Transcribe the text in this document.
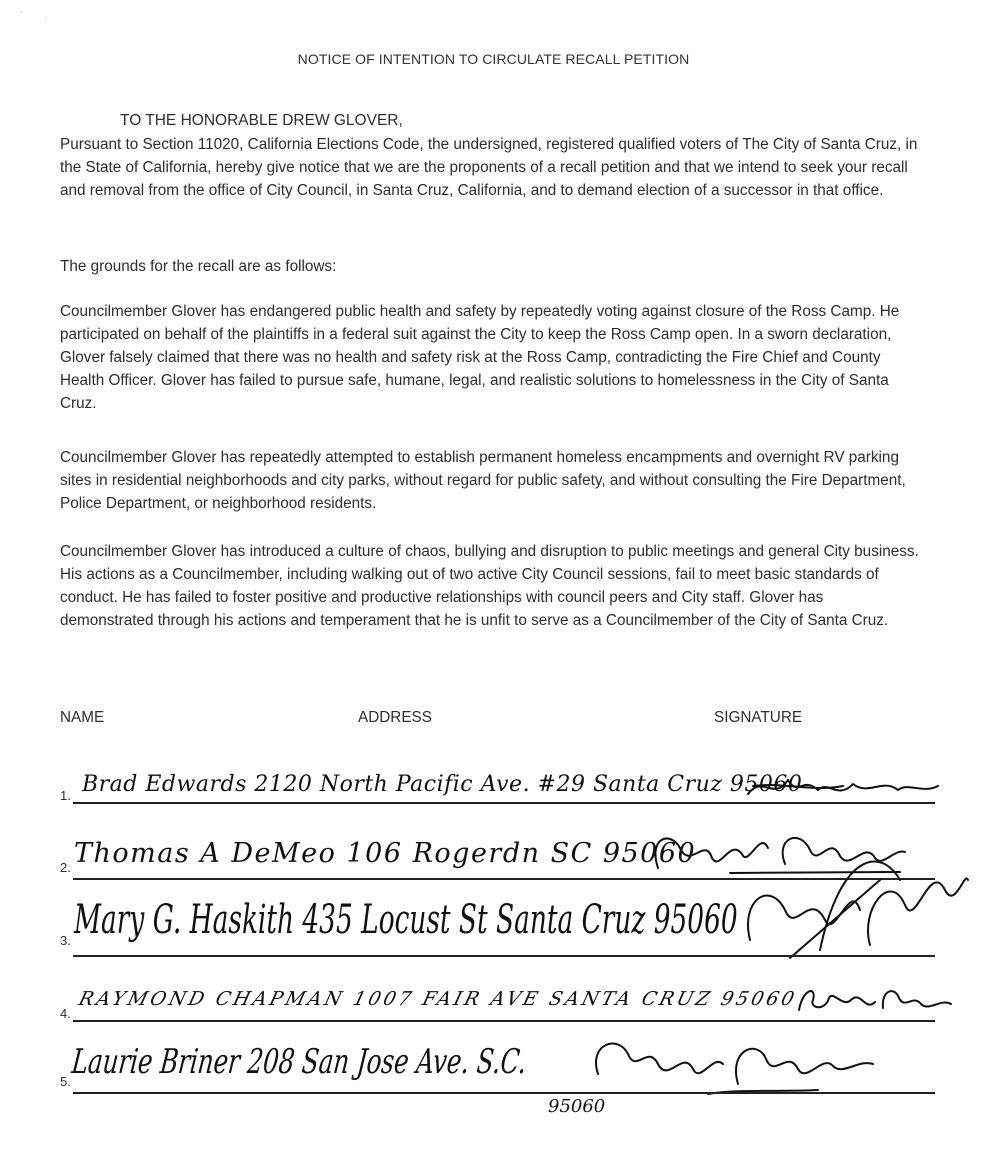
' .
NOTICE OF INTENTION TO CIRCULATE RECALL PETITION
TO THE HONORABLE DREW GLOVER,
Pursuant to Section 11020, California Elections Code, the undersigned, registered qualified voters of The City of Santa Cruz, in the State of California, hereby give notice that we are the proponents of a recall petition and that we intend to seek your recall and removal from the office of City Council, in Santa Cruz, California, and to demand election of a successor in that office.
The grounds for the recall are as follows:
Councilmember Glover has endangered public health and safety by repeatedly voting against closure of the Ross Camp. He participated on behalf of the plaintiffs in a federal suit against the City to keep the Ross Camp open. In a sworn declaration, Glover falsely claimed that there was no health and safety risk at the Ross Camp, contradicting the Fire Chief and County Health Officer. Glover has failed to pursue safe, humane, legal, and realistic solutions to homelessness in the City of Santa Cruz.
Councilmember Glover has repeatedly attempted to establish permanent homeless encampments and overnight RV parking sites in residential neighborhoods and city parks, without regard for public safety, and without consulting the Fire Department, Police Department, or neighborhood residents.
Councilmember Glover has introduced a culture of chaos, bullying and disruption to public meetings and general City business. His actions as a Councilmember, including walking out of two active City Council sessions, fail to meet basic standards of conduct. He has failed to foster positive and productive relationships with council peers and City staff. Glover has demonstrated through his actions and temperament that he is unfit to serve as a Councilmember of the City of Santa Cruz.
NAME	ADDRESS	SIGNATURE
1. Brad Edwards 2120 North Pacific Ave. #29 Santa Cruz 95060
2. Thomas A DeMeo 106 Rogerdn SC 95060
3. Mary G. Haskith 435 Locust St Santa Cruz 95060
4.
RAYMOND CHAPMAN 1007 FAIR AVE SANTA CRUZ 95060
5. Laurie Briner 208 San Jose Ave. S.C.
95060
